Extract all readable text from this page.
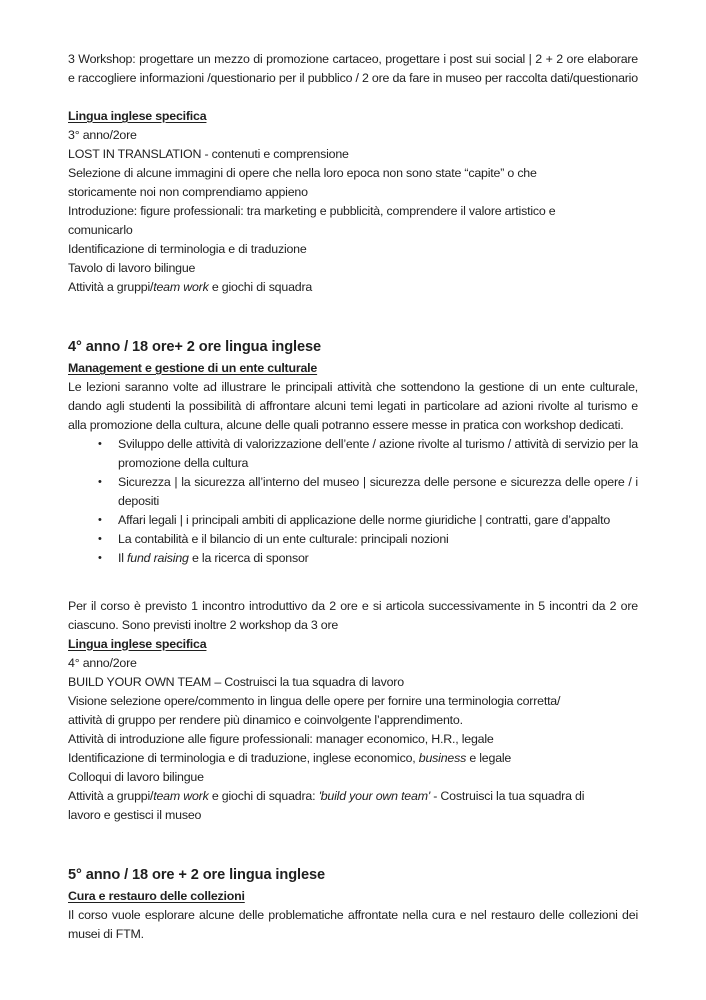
3 Workshop: progettare un mezzo di promozione cartaceo, progettare i post sui social | 2 + 2 ore elaborare e raccogliere informazioni /questionario per il pubblico / 2 ore da fare in museo per raccolta dati/questionario
Lingua inglese specifica
3° anno/2ore
LOST IN TRANSLATION - contenuti e comprensione
Selezione di alcune immagini di opere che nella loro epoca non sono state “capite” o che
storicamente noi non comprendiamo appieno
Introduzione: figure professionali: tra marketing e pubblicità, comprendere il valore artistico e
comunicarlo
Identificazione di terminologia e di traduzione
Tavolo di lavoro bilingue
Attività a gruppi/team work e giochi di squadra
4° anno / 18 ore+ 2 ore lingua inglese
Management e gestione di un ente culturale
Le lezioni saranno volte ad illustrare le principali attività che sottendono la gestione di un ente culturale, dando agli studenti la possibilità di affrontare alcuni temi legati in particolare ad azioni rivolte al turismo e alla promozione della cultura, alcune delle quali potranno essere messe in pratica con workshop dedicati.
• Sviluppo delle attività di valorizzazione dell’ente / azione rivolte al turismo / attività di servizio per la promozione della cultura
• Sicurezza | la sicurezza all’interno del museo | sicurezza delle persone e sicurezza delle opere / i depositi
• Affari legali | i principali ambiti di applicazione delle norme giuridiche | contratti, gare d’appalto
• La contabilità e il bilancio di un ente culturale: principali nozioni
• Il fund raising e la ricerca di sponsor
Per il corso è previsto 1 incontro introduttivo da 2 ore e si articola successivamente in 5 incontri da 2 ore ciascuno. Sono previsti inoltre 2 workshop da 3 ore
Lingua inglese specifica
4° anno/2ore
BUILD YOUR OWN TEAM – Costruisci la tua squadra di lavoro
Visione selezione opere/commento in lingua delle opere per fornire una terminologia corretta/
attività di gruppo per rendere più dinamico e coinvolgente l’apprendimento.
Attività di introduzione alle figure professionali: manager economico, H.R., legale
Identificazione di terminologia e di traduzione, inglese economico, business e legale
Colloqui di lavoro bilingue
Attività a gruppi/team work e giochi di squadra: 'build your own team' - Costruisci la tua squadra di
lavoro e gestisci il museo
5° anno / 18 ore + 2 ore lingua inglese
Cura e restauro delle collezioni
Il corso vuole esplorare alcune delle problematiche affrontate nella cura e nel restauro delle collezioni dei musei di FTM.
